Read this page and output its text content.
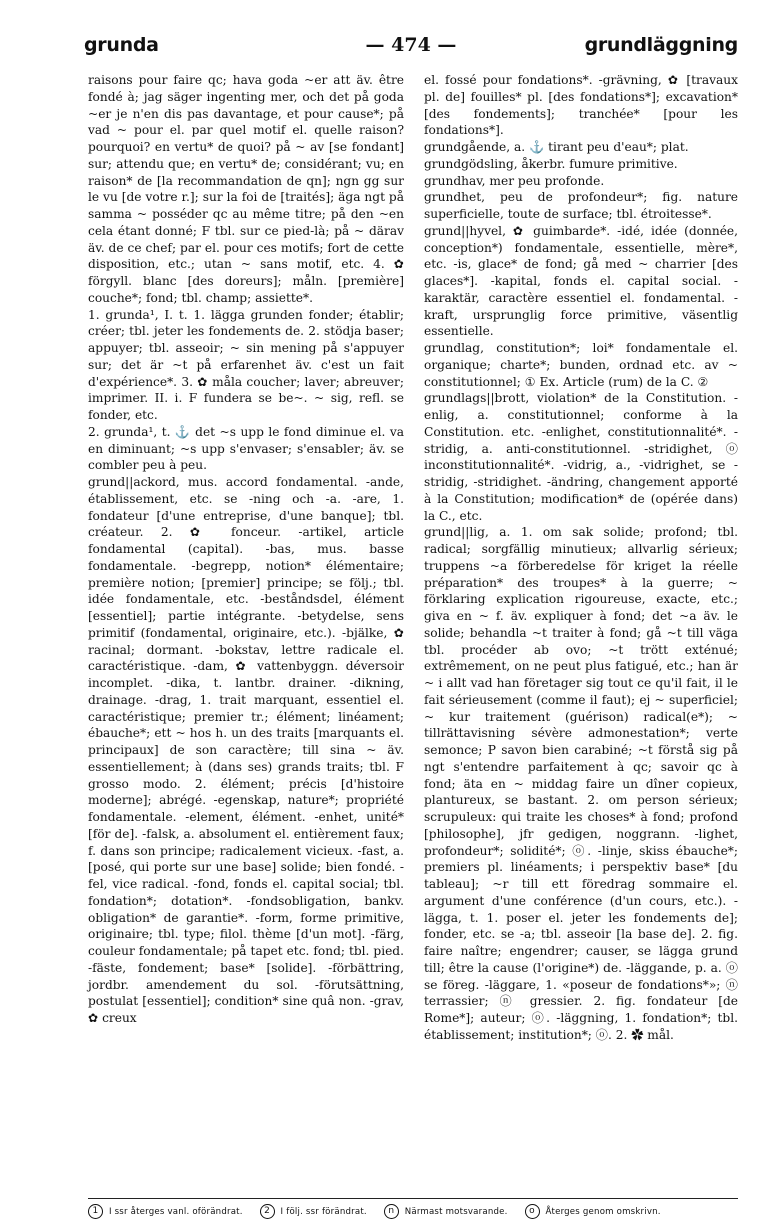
grunda	— 474 —	grundläggning

raisons pour faire qc; hava goda ~er att äv. être fondé à; jag säger ingenting mer, och det på goda ~er je n'en dis pas davantage, et pour cause*; på vad ~ pour el. par quel motif el. quelle raison? pourquoi? en vertu* de quoi? på ~ av [se fondant] sur; attendu que; en vertu* de; considérant; vu; en raison* de [la recommandation de qn]; ngn gg sur le vu [de votre r.]; sur la foi de [traités]; äga ngt på samma ~ posséder qc au même titre; på den ~en cela étant donné; F tbl. sur ce pied-là; på ~ därav äv. de ce chef; par el. pour ces motifs; fort de cette disposition, etc.; utan ~ sans motif, etc. 4. ✿ förgyll. blanc [des doreurs]; måln. [première] couche*; fond; tbl. champ; assiette*.

1. grunda¹, I. t. 1. lägga grunden fonder; établir; créer; tbl. jeter les fondements de. 2. stödja baser; appuyer; tbl. asseoir; ~ sin mening på s'appuyer sur; det är ~t på erfarenhet äv. c'est un fait d'expérience*. 3. ✿ måla coucher; laver; abreuver; imprimer. II. i. F fundera se be~. ~ sig, refl. se fonder, etc.

2. grunda¹, t. ⚓ det ~s upp le fond diminue el. va en diminuant; ~s upp s'envaser; s'ensabler; äv. se combler peu à peu.

grund||ackord, mus. accord fondamental. -ande, établissement, etc. se -ning och -a. -are, 1. fondateur [d'une entreprise, d'une banque]; tbl. créateur. 2. ✿ fonceur. -artikel, article fondamental (capital). -bas, mus. basse fondamentale. -begrepp, notion* élémentaire; première notion; [premier] principe; se följ.; tbl. idée fondamentale, etc. -beståndsdel, élément [essentiel]; partie intégrante. -betydelse, sens primitif (fondamental, originaire, etc.). -bjälke, ✿ racinal; dormant. -bokstav, lettre radicale el. caractéristique. -dam, ✿ vattenbyggn. déversoir incomplet. -dika, t. lantbr. drainer. -dikning, drainage. -drag, 1. trait marquant, essentiel el. caractéristique; premier tr.; élément; linéament; ébauche*; ett ~ hos h. un des traits [marquants el. principaux] de son caractère; till sina ~ äv. essentiellement; à (dans ses) grands traits; tbl. F grosso modo. 2. élément; précis [d'histoire moderne]; abrégé. -egenskap, nature*; propriété fondamentale. -element, élément. -enhet, unité* [för de]. -falsk, a. absolument el. entièrement faux; f. dans son principe; radicalement vicieux. -fast, a. [posé, qui porte sur une base] solide; bien fondé. -fel, vice radical. -fond, fonds el. capital social; tbl. fondation*; dotation*. -fondsobligation, bankv. obligation* de garantie*. -form, forme primitive, originaire; tbl. type; filol. thème [d'un mot]. -färg, couleur fondamentale; på tapet etc. fond; tbl. pied. -fäste, fondement; base* [solide]. -förbättring, jordbr. amendement du sol. -förutsättning, postulat [essentiel]; condition* sine quâ non. -grav, ✿ creux

el. fossé pour fondations*. -grävning, ✿ [travaux pl. de] fouilles* pl. [des fondations*]; excavation* [des fondements]; tranchée* [pour les fondations*].

grundgående, a. ⚓ tirant peu d'eau*; plat.

grundgödsling, åkerbr. fumure primitive.

grundhav, mer peu profonde.

grundhet, peu de profondeur*; fig. nature superficielle, toute de surface; tbl. étroitesse*.

grund||hyvel, ✿ guimbarde*. -idé, idée (donnée, conception*) fondamentale, essentielle, mère*, etc. -is, glace* de fond; gå med ~ charrier [des glaces*]. -kapital, fonds el. capital social. -karaktär, caractère essentiel el. fondamental. -kraft, ursprunglig force primitive, väsentlig essentielle.

grundlag, constitution*; loi* fondamentale el. organique; charte*; bunden, ordnad etc. av ~ constitutionnel; ① Ex. Article (rum) de la C. ②

grundlags||brott, violation* de la Constitution. -enlig, a. constitutionnel; conforme à la Constitution. etc. -enlighet, constitutionnalité*. -stridig, a. anti-constitutionnel. -stridighet, ⓞ inconstitutionnalité*. -vidrig, a., -vidrighet, se -stridig, -stridighet. -ändring, changement apporté à la Constitution; modification* de (opérée dans) la C., etc.

grund||lig, a. 1. om sak solide; profond; tbl. radical; sorgfällig minutieux; allvarlig sérieux; truppens ~a förberedelse för kriget la réelle préparation* des troupes* à la guerre; ~ förklaring explication rigoureuse, exacte, etc.; giva en ~ f. äv. expliquer à fond; det ~a äv. le solide; behandla ~t traiter à fond; gå ~t till väga tbl. procéder ab ovo; ~t trött exténué; extrêmement, on ne peut plus fatigué, etc.; han är ~ i allt vad han företager sig tout ce qu'il fait, il le fait sérieusement (comme il faut); ej ~ superficiel; ~ kur traitement (guérison) radical(e*); ~ tillrättavisning sévère admonestation*; verte semonce; P savon bien carabiné; ~t förstå sig på ngt s'entendre parfaitement à qc; savoir qc à fond; äta en ~ middag faire un dîner copieux, plantureux, se bastant. 2. om person sérieux; scrupuleux: qui traite les choses* à fond; profond [philosophe], jfr gedigen, noggrann. -lighet, profondeur*; solidité*; ⓞ. -linje, skiss ébauche*; premiers pl. linéaments; i perspektiv base* [du tableau]; ~r till ett föredrag sommaire el. argument d'une conférence (d'un cours, etc.). -lägga, t. 1. poser el. jeter les fondements de]; fonder, etc. se -a; tbl. asseoir [la base de]. 2. fig. faire naître; engendrer; causer, se lägga grund till; être la cause (l'origine*) de. -läggande, p. a. ⓞ se föreg. -läggare, 1. «poseur de fondations*»; ⓝ terrassier; ⓝ gressier. 2. fig. fondateur [de Rome*]; auteur; ⓞ. -läggning, 1. fondation*; tbl. établissement; institution*; ⓞ. 2. ✿ mål.

1 I ssr återges vanl. oförändrat. 2 I följ. ssr förändrat. n Närmast motsvarande. o Återges genom omskrivn.
